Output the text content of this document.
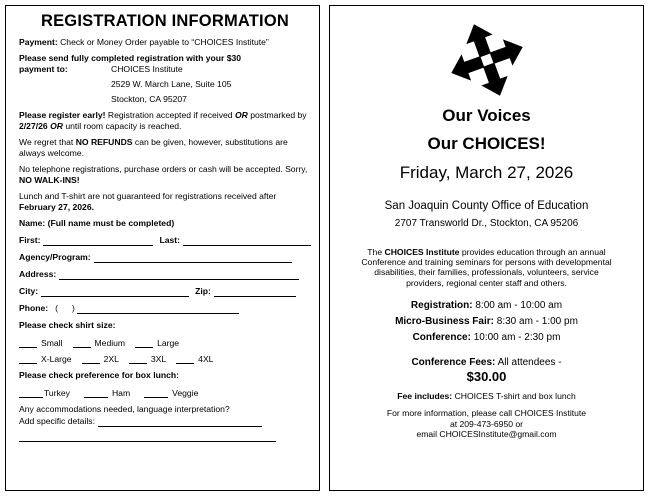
REGISTRATION INFORMATION
Payment: Check or Money Order payable to “CHOICES Institute”
Please send fully completed registration with your $30
payment to:	CHOICES Institute
2529 W. March Lane, Suite 105
Stockton, CA 95207
Please register early! Registration accepted if received OR postmarked by 2/27/26 OR until room capacity is reached.
We regret that NO REFUNDS can be given, however, substitutions are always welcome.
No telephone registrations, purchase orders or cash will be accepted. Sorry, NO WALK-INS!
Lunch and T-shirt are not guaranteed for registrations received after February 27, 2026.
Name: (Full name must be completed)
First:	Last:
Agency/Program:
Address:
City:	Zip:
Phone: ( )
Please check shirt size:
Small	Medium	Large
X-Large	2XL	3XL	4XL
Please check preference for box lunch:
Turkey	Ham	Veggie
Any accommodations needed, language interpretation?
Add specific details:
Our Voices
Our CHOICES!
Friday, March 27, 2026
San Joaquin County Office of Education
2707 Transworld Dr., Stockton, CA 95206
The CHOICES Institute provides education through an annual Conference and training seminars for persons with developmental disabilities, their families, professionals, volunteers, service providers, regional center staff and others.
Registration: 8:00 am - 10:00 am
Micro-Business Fair: 8:30 am - 1:00 pm
Conference: 10:00 am - 2:30 pm
Conference Fees: All attendees -
$30.00
Fee includes: CHOICES T-shirt and box lunch
For more information, please call CHOICES Institute
at 209-473-6950 or
email CHOICESInstitute@gmail.com
